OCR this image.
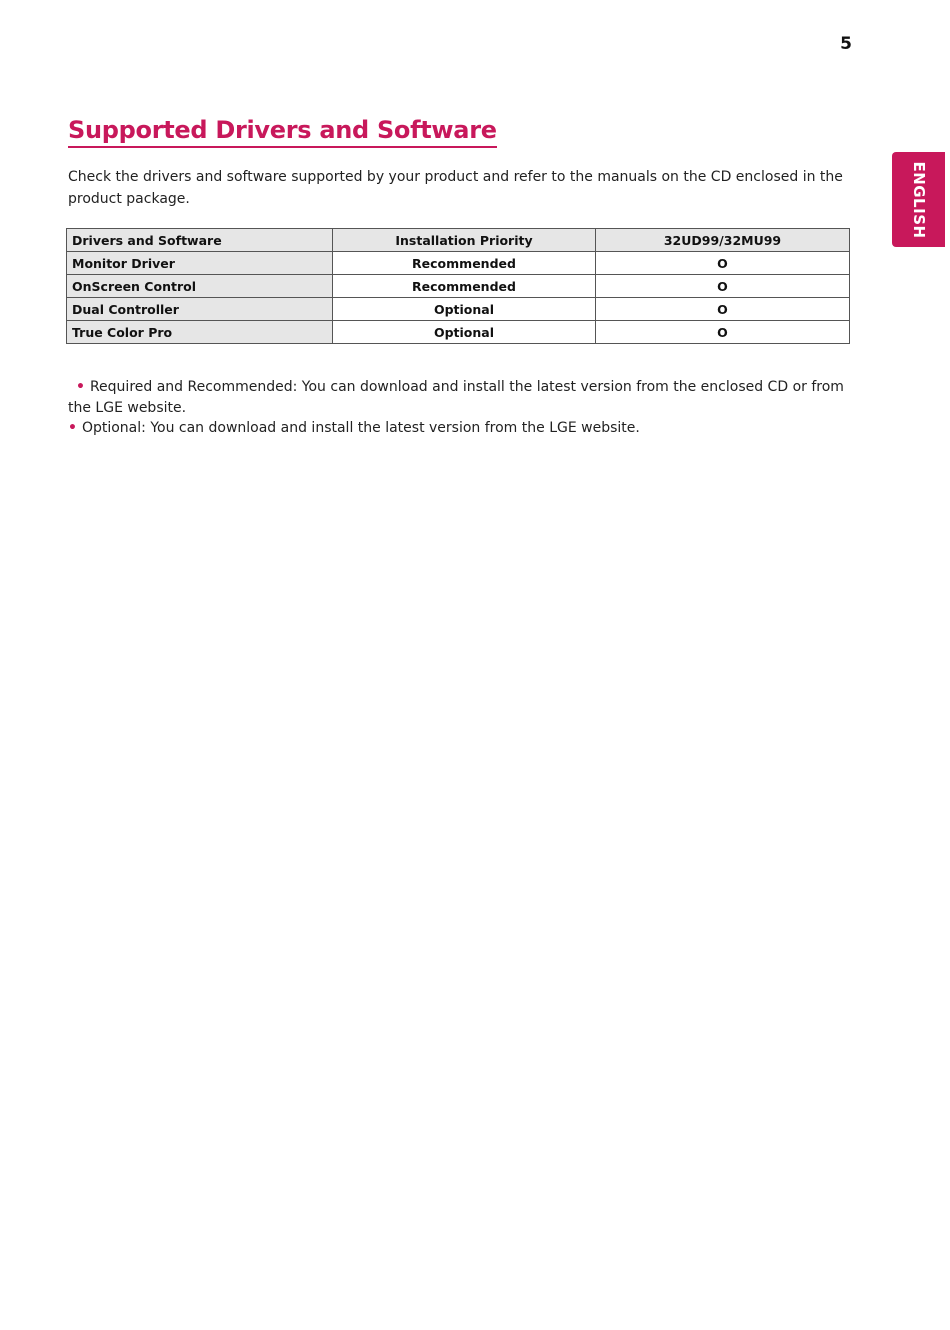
5
ENGLISH
Supported Drivers and Software

Check the drivers and software supported by your product and refer to the manuals on the CD enclosed in the product package.

Drivers and Software	Installation Priority	32UD99/32MU99
Monitor Driver	Recommended	O
OnScreen Control	Recommended	O
Dual Controller	Optional	O
True Color Pro	Optional	O

• Required and Recommended: You can download and install the latest version from the enclosed CD or from the LGE website.

• Optional: You can download and install the latest version from the LGE website.
